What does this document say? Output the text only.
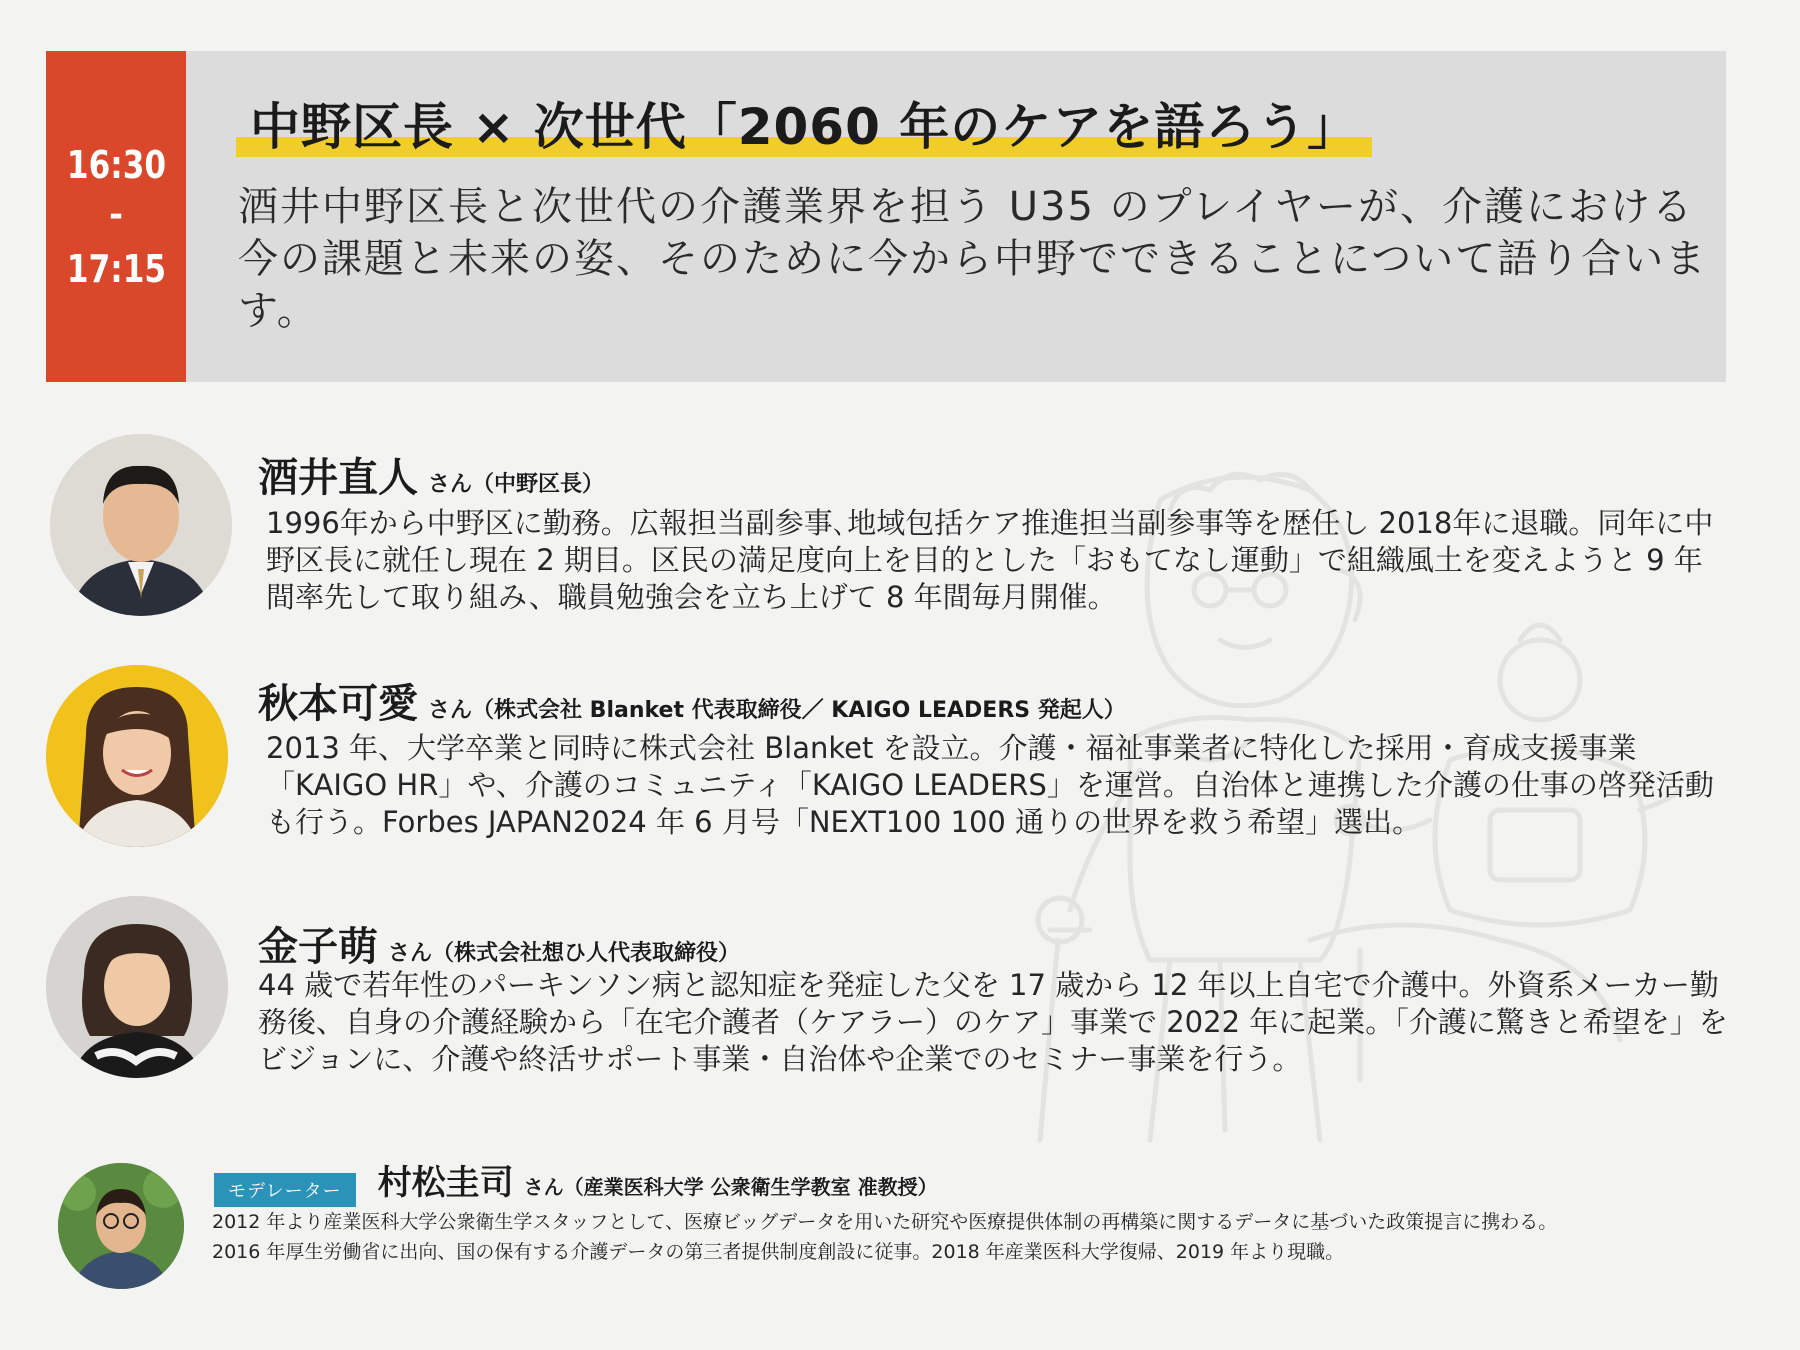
16:30
-
17:15
中野区長 × 次世代「2060 年のケアを語ろう」
酒井中野区長と次世代の介護業界を担う U35 のプレイヤーが、介護における今の課題と未来の姿、そのために今から中野でできることについて語り合います。
酒井直人 さん（中野区長）
1996年から中野区に勤務。広報担当副参事､地域包括ケア推進担当副参事等を歴任し 2018年に退職。同年に中野区長に就任し現在 2 期目。区民の満足度向上を目的とした「おもてなし運動」で組織風土を変えようと 9 年間率先して取り組み、職員勉強会を立ち上げて 8 年間毎月開催。
秋本可愛 さん（株式会社 Blanket 代表取締役／ KAIGO LEADERS 発起人）
2013 年、大学卒業と同時に株式会社 Blanket を設立。介護・福祉事業者に特化した採用・育成支援事業「KAIGO HR」や、介護のコミュニティ「KAIGO LEADERS」を運営。自治体と連携した介護の仕事の啓発活動も行う。Forbes JAPAN2024 年 6 月号「NEXT100 100 通りの世界を救う希望」選出。
金子萌 さん（株式会社想ひ人代表取締役）
44 歳で若年性のパーキンソン病と認知症を発症した父を 17 歳から 12 年以上自宅で介護中。外資系メーカー勤務後、自身の介護経験から「在宅介護者（ケアラー）のケア」事業で 2022 年に起業。「介護に驚きと希望を」をビジョンに、介護や終活サポート事業・自治体や企業でのセミナー事業を行う。
モデレーター 村松圭司 さん（産業医科大学 公衆衛生学教室 准教授）
2012 年より産業医科大学公衆衛生学スタッフとして、医療ビッグデータを用いた研究や医療提供体制の再構築に関するデータに基づいた政策提言に携わる。
2016 年厚生労働省に出向、国の保有する介護データの第三者提供制度創設に従事。2018 年産業医科大学復帰、2019 年より現職。
